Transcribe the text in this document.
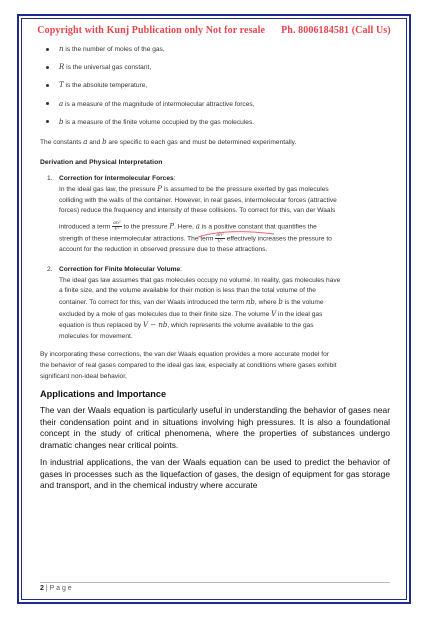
Copyright with Kunj Publication only Not for resale Ph. 8006184581 (Call Us)
n is the number of moles of the gas,
R is the universal gas constant,
T is the absolute temperature,
a is a measure of the magnitude of intermolecular attractive forces,
b is a measure of the finite volume occupied by the gas molecules.

The constants a and b are specific to each gas and must be determined experimentally.

Derivation and Physical Interpretation
1. Correction for Intermolecular Forces:
In the ideal gas law, the pressure P is assumed to be the pressure exerted by gas molecules
colliding with the walls of the container. However, in real gases, intermolecular forces (attractive
forces) reduce the frequency and intensity of these collisions. To correct for this, van der Waals
introduced a term $\frac{\text{an²}}{\text{V²}}$ to the pressure P. Here, a is a positive constant that quantifies the
strength of these intermolecular attractions. The term $\frac{\text{an²}}{\text{V²}}$ effectively increases the pressure to
account for the reduction in observed pressure due to these attractions.
2. Correction for Finite Molecular Volume:
The ideal gas law assumes that gas molecules occupy no volume. In reality, gas molecules have
a finite size, and the volume available for their motion is less than the total volume of the
container. To correct for this, van der Waals introduced the term nb, where b is the volume
excluded by a mole of gas molecules due to their finite size. The volume V in the ideal gas
equation is thus replaced by V − nb, which represents the volume available to the gas
molecules for movement.
By incorporating these corrections, the van der Waals equation provides a more accurate model for
the behavior of real gases compared to the ideal gas law, especially at conditions where gases exhibit
significant non-ideal behavior.
Applications and Importance

The van der Waals equation is particularly useful in understanding the behavior of gases near their condensation point and in situations involving high pressures. It is also a foundational concept in the study of critical phenomena, where the properties of substances undergo dramatic changes near critical points.

In industrial applications, the van der Waals equation can be used to predict the behavior of gases in processes such as the liquefaction of gases, the design of equipment for gas storage and transport, and in the chemical industry where accurate

2 | P a g e
